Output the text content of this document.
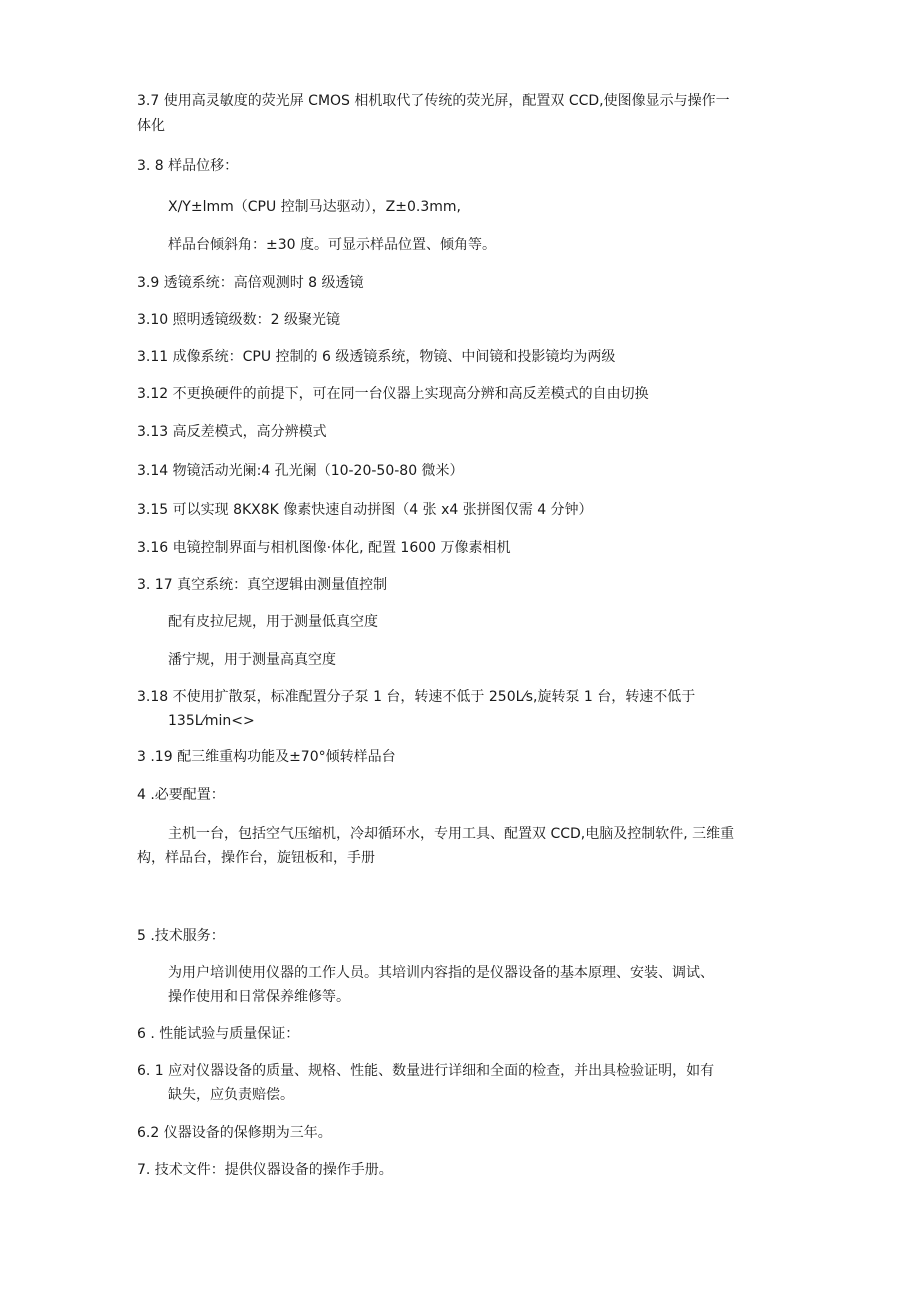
3.7 使用高灵敏度的荧光屏 CMOS 相机取代了传统的荧光屏，配置双 CCD,使图像显示与操作一

体化

3. 8 样品位移：

X/Y±lmm（CPU 控制马达驱动），Z±0.3mm,

样品台倾斜角：±30 度。可显示样品位置、倾角等。

3.9 透镜系统：高倍观测时 8 级透镜

3.10 照明透镜级数：2 级聚光镜

3.11 成像系统：CPU 控制的 6 级透镜系统，物镜、中间镜和投影镜均为两级

3.12 不更换硬件的前提下，可在同一台仪器上实现高分辨和高反差模式的自由切换

3.13 高反差模式，高分辨模式

3.14 物镜活动光阑:4 孔光阑（10-20-50-80 微米）

3.15 可以实现 8KX8K 像素快速自动拼图（4 张 x4 张拼图仅需 4 分钟）

3.16 电镜控制界面与相机图像·体化, 配置 1600 万像素相机

3. 17 真空系统：真空逻辑由测量值控制

配有皮拉尼规，用于测量低真空度

潘宁规，用于测量高真空度

3.18 不使用扩散泵，标准配置分子泵 1 台，转速不低于 250L⁄s,旋转泵 1 台，转速不低于

135L⁄min<>

3 .19 配三维重构功能及±70°倾转样品台

4 .必要配置：

主机一台，包括空气压缩机，冷却循环水，专用工具、配置双 CCD,电脑及控制软件, 三维重

构，样品台，操作台，旋钮板和，手册

5 .技术服务：

为用户培训使用仪器的工作人员。其培训内容指的是仪器设备的基本原理、安装、调试、

操作使用和日常保养维修等。

6 . 性能试验与质量保证：

6. 1 应对仪器设备的质量、规格、性能、数量进行详细和全面的检查，并出具检验证明，如有

缺失，应负责赔偿。

6.2 仪器设备的保修期为三年。

7. 技术文件：提供仪器设备的操作手册。
